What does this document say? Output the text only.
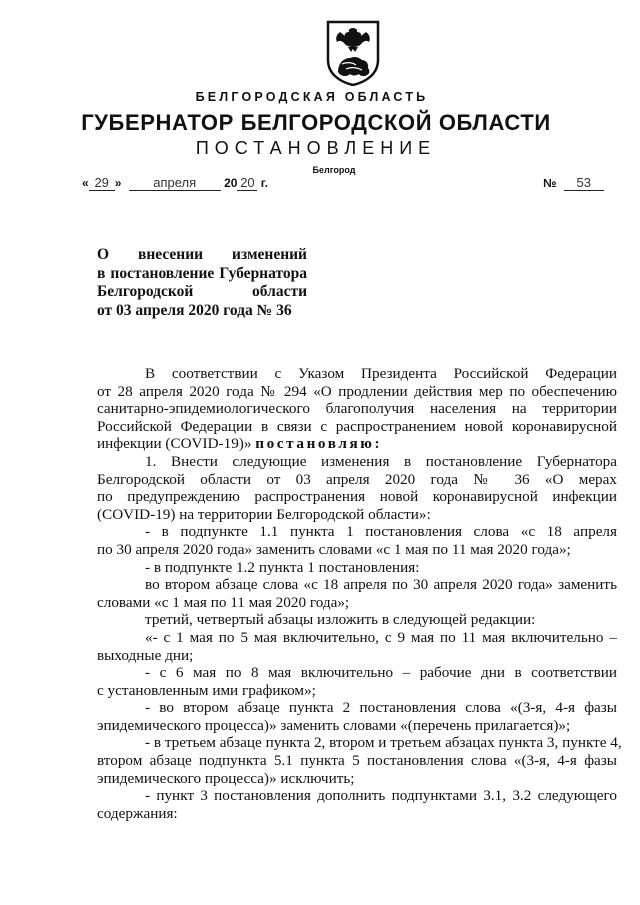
БЕЛГОРОДСКАЯ ОБЛАСТЬ
ГУБЕРНАТОР БЕЛГОРОДСКОЙ ОБЛАСТИ
ПОСТАНОВЛЕНИЕ
Белгород
« 29 » апреля 20 20 г.	№ 53
О внесении изменений
в постановление Губернатора
Белгородской области
от 03 апреля 2020 года № 36
В соответствии с Указом Президента Российской Федерации
от 28 апреля 2020 года № 294 «О продлении действия мер по обеспечению
санитарно-эпидемиологического благополучия населения на территории
Российской Федерации в связи с распространением новой коронавирусной
инфекции (COVID-19)» постановляю:
1. Внести следующие изменения в постановление Губернатора
Белгородской области от 03 апреля 2020 года № 36 «О мерах
по предупреждению распространения новой коронавирусной инфекции
(COVID-19) на территории Белгородской области»:
- в подпункте 1.1 пункта 1 постановления слова «с 18 апреля
по 30 апреля 2020 года» заменить словами «с 1 мая по 11 мая 2020 года»;
- в подпункте 1.2 пункта 1 постановления:
во втором абзаце слова «с 18 апреля по 30 апреля 2020 года» заменить
словами «с 1 мая по 11 мая 2020 года»;
третий, четвертый абзацы изложить в следующей редакции:
«- с 1 мая по 5 мая включительно, с 9 мая по 11 мая включительно –
выходные дни;
- с 6 мая по 8 мая включительно – рабочие дни в соответствии
с установленным ими графиком»;
- во втором абзаце пункта 2 постановления слова «(3-я, 4-я фазы
эпидемического процесса)» заменить словами «(перечень прилагается)»;
- в третьем абзаце пункта 2, втором и третьем абзацах пункта 3, пункте 4,
втором абзаце подпункта 5.1 пункта 5 постановления слова «(3-я, 4-я фазы
эпидемического процесса)» исключить;
- пункт 3 постановления дополнить подпунктами 3.1, 3.2 следующего
содержания:
